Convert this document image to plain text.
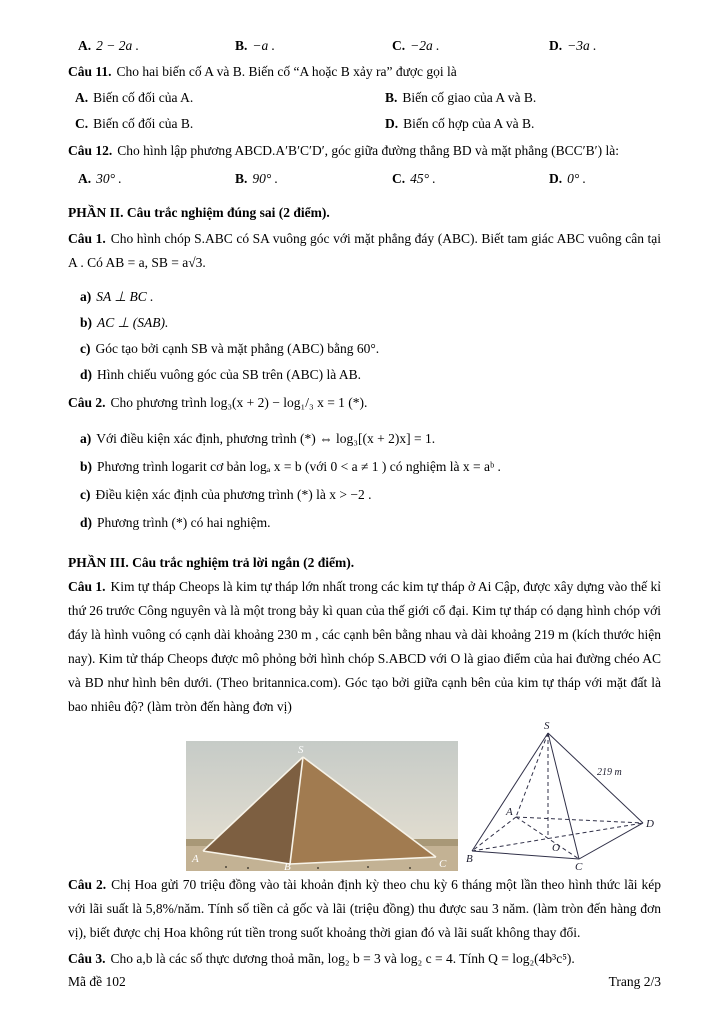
A. 2 − 2a .	B. −a .	C. −2a .	D. −3a .

Câu 11. Cho hai biến cố A và B. Biến cố “A hoặc B xảy ra” được gọi là

A. Biến cố đối của A.	B. Biến cố giao của A và B.
C. Biến cố đối của B.	D. Biến cố hợp của A và B.

Câu 12. Cho hình lập phương ABCD.A′B′C′D′, góc giữa đường thẳng BD và mặt phẳng (BCC′B′) là:

A. 30° .	B. 90° .	C. 45° .	D. 0° .

PHẦN II. Câu trắc nghiệm đúng sai (2 điểm).

Câu 1. Cho hình chóp S.ABC có SA vuông góc với mặt phẳng đáy (ABC). Biết tam giác ABC vuông cân tại A . Có AB = a, SB = a√3.

a) SA ⊥ BC .

b) AC ⊥ (SAB).

c) Góc tạo bởi cạnh SB và mặt phẳng (ABC) bằng 60°.

d) Hình chiếu vuông góc của SB trên (ABC) là AB.

Câu 2. Cho phương trình log₃(x + 2) − log₁/₃ x = 1 (*).

a) Với điều kiện xác định, phương trình (*) ⇔ log₃[(x + 2)x] = 1.

b) Phương trình logarit cơ bản logₐ x = b (với 0 < a ≠ 1 ) có nghiệm là x = aᵇ .

c) Điều kiện xác định của phương trình (*) là x > −2 .

d) Phương trình (*) có hai nghiệm.

PHẦN III. Câu trắc nghiệm trả lời ngắn (2 điểm).

Câu 1. Kim tự tháp Cheops là kim tự tháp lớn nhất trong các kim tự tháp ở Ai Cập, được xây dựng vào thế kỉ thứ 26 trước Công nguyên và là một trong bảy kì quan của thế giới cổ đại. Kim tự tháp có dạng hình chóp với đáy là hình vuông có cạnh dài khoảng 230 m , các cạnh bên bằng nhau và dài khoảng 219 m (kích thước hiện nay). Kim tử tháp Cheops được mô phỏng bởi hình chóp S.ABCD với O là giao điểm của hai đường chéo AC và BD như hình bên dưới. (Theo britannica.com). Góc tạo bởi giữa cạnh bên của kim tự tháp với mặt đất là bao nhiêu độ? (làm tròn đến hàng đơn vị)

S
A
B	C
S
A
B
C
D
O
219 m

Câu 2. Chị Hoa gửi 70 triệu đồng vào tài khoản định kỳ theo chu kỳ 6 tháng một lần theo hình thức lãi kép với lãi suất là 5,8%/năm. Tính số tiền cả gốc và lãi (triệu đồng) thu được sau 3 năm. (làm tròn đến hàng đơn vị), biết được chị Hoa không rút tiền trong suốt khoảng thời gian đó và lãi suất không thay đổi.

Câu 3. Cho a,b là các số thực dương thoả mãn, log₂ b = 3 và log₂ c = 4. Tính Q = log₂(4b³c⁵).

Mã đề 102	Trang 2/3
